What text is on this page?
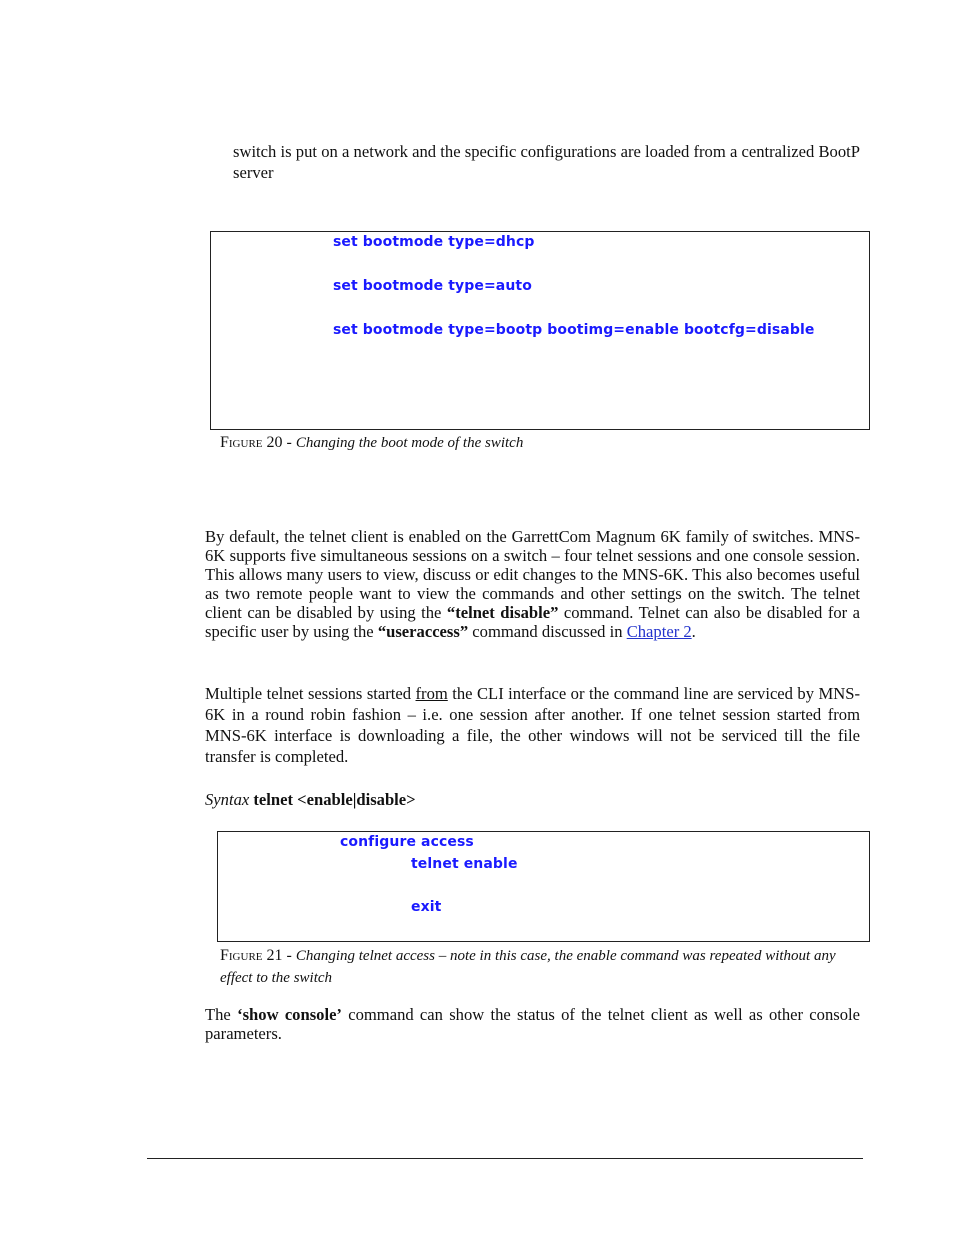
switch is put on a network and the specific configurations are loaded from a centralized BootP server
set bootmode type=dhcp
set bootmode type=auto
set bootmode type=bootp bootimg=enable bootcfg=disable
Figure 20 - Changing the boot mode of the switch
By default, the telnet client is enabled on the GarrettCom Magnum 6K family of switches. MNS-6K supports five simultaneous sessions on a switch – four telnet sessions and one console session. This allows many users to view, discuss or edit changes to the MNS-6K. This also becomes useful as two remote people want to view the commands and other settings on the switch. The telnet client can be disabled by using the “telnet disable” command. Telnet can also be disabled for a specific user by using the “useraccess” command discussed in Chapter 2.
Multiple telnet sessions started from the CLI interface or the command line are serviced by MNS-6K in a round robin fashion – i.e. one session after another. If one telnet session started from MNS-6K interface is downloading a file, the other windows will not be serviced till the file transfer is completed.
Syntax telnet <enable|disable>
configure access
telnet enable
exit
Figure 21 - Changing telnet access – note in this case, the enable command was repeated without any effect to the switch
The ‘show console’ command can show the status of the telnet client as well as other console parameters.
